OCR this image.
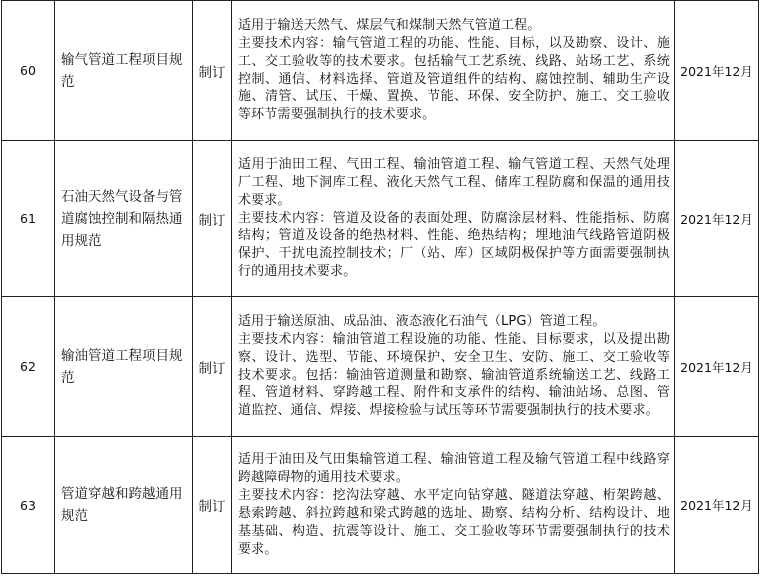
60	输气管道工程项目规范	制订	适用于输送天然气、煤层气和煤制天然气管道工程。
主要技术内容：输气管道工程的功能、性能、目标，以及勘察、设计、施工、交工验收等的技术要求。包括输气工艺系统、线路、站场工艺、系统控制、通信、材料选择、管道及管道组件的结构、腐蚀控制、辅助生产设施、清管、试压、干燥、置换、节能、环保、安全防护、施工、交工验收等环节需要强制执行的技术要求。	2021年12月
61	石油天然气设备与管道腐蚀控制和隔热通用规范	制订	适用于油田工程、气田工程、输油管道工程、输气管道工程、天然气处理厂工程、地下洞库工程、液化天然气工程、储库工程防腐和保温的通用技术要求。
主要技术内容：管道及设备的表面处理、防腐涂层材料、性能指标、防腐结构；管道及设备的绝热材料、性能、绝热结构；埋地油气线路管道阴极保护、干扰电流控制技术；厂（站、库）区域阴极保护等方面需要强制执行的通用技术要求。	2021年12月
62	输油管道工程项目规范	制订	适用于输送原油、成品油、液态液化石油气（LPG）管道工程。
主要技术内容：输油管道工程设施的功能、性能、目标要求，以及提出勘察、设计、选型、节能、环境保护、安全卫生、安防、施工、交工验收等技术要求。包括：输油管道测量和勘察、输油管道系统输送工艺、线路工程、管道材料、穿跨越工程、附件和支承件的结构、输油站场、总图、管道监控、通信、焊接、焊接检验与试压等环节需要强制执行的技术要求。	2021年12月
63	管道穿越和跨越通用规范	制订	适用于油田及气田集输管道工程、输油管道工程及输气管道工程中线路穿跨越障碍物的通用技术要求。
主要技术内容：挖沟法穿越、水平定向钻穿越、隧道法穿越、桁架跨越、悬索跨越、斜拉跨越和梁式跨越的选址、勘察、结构分析、结构设计、地基基础、构造、抗震等设计、施工、交工验收等环节需要强制执行的技术要求。	2021年12月
